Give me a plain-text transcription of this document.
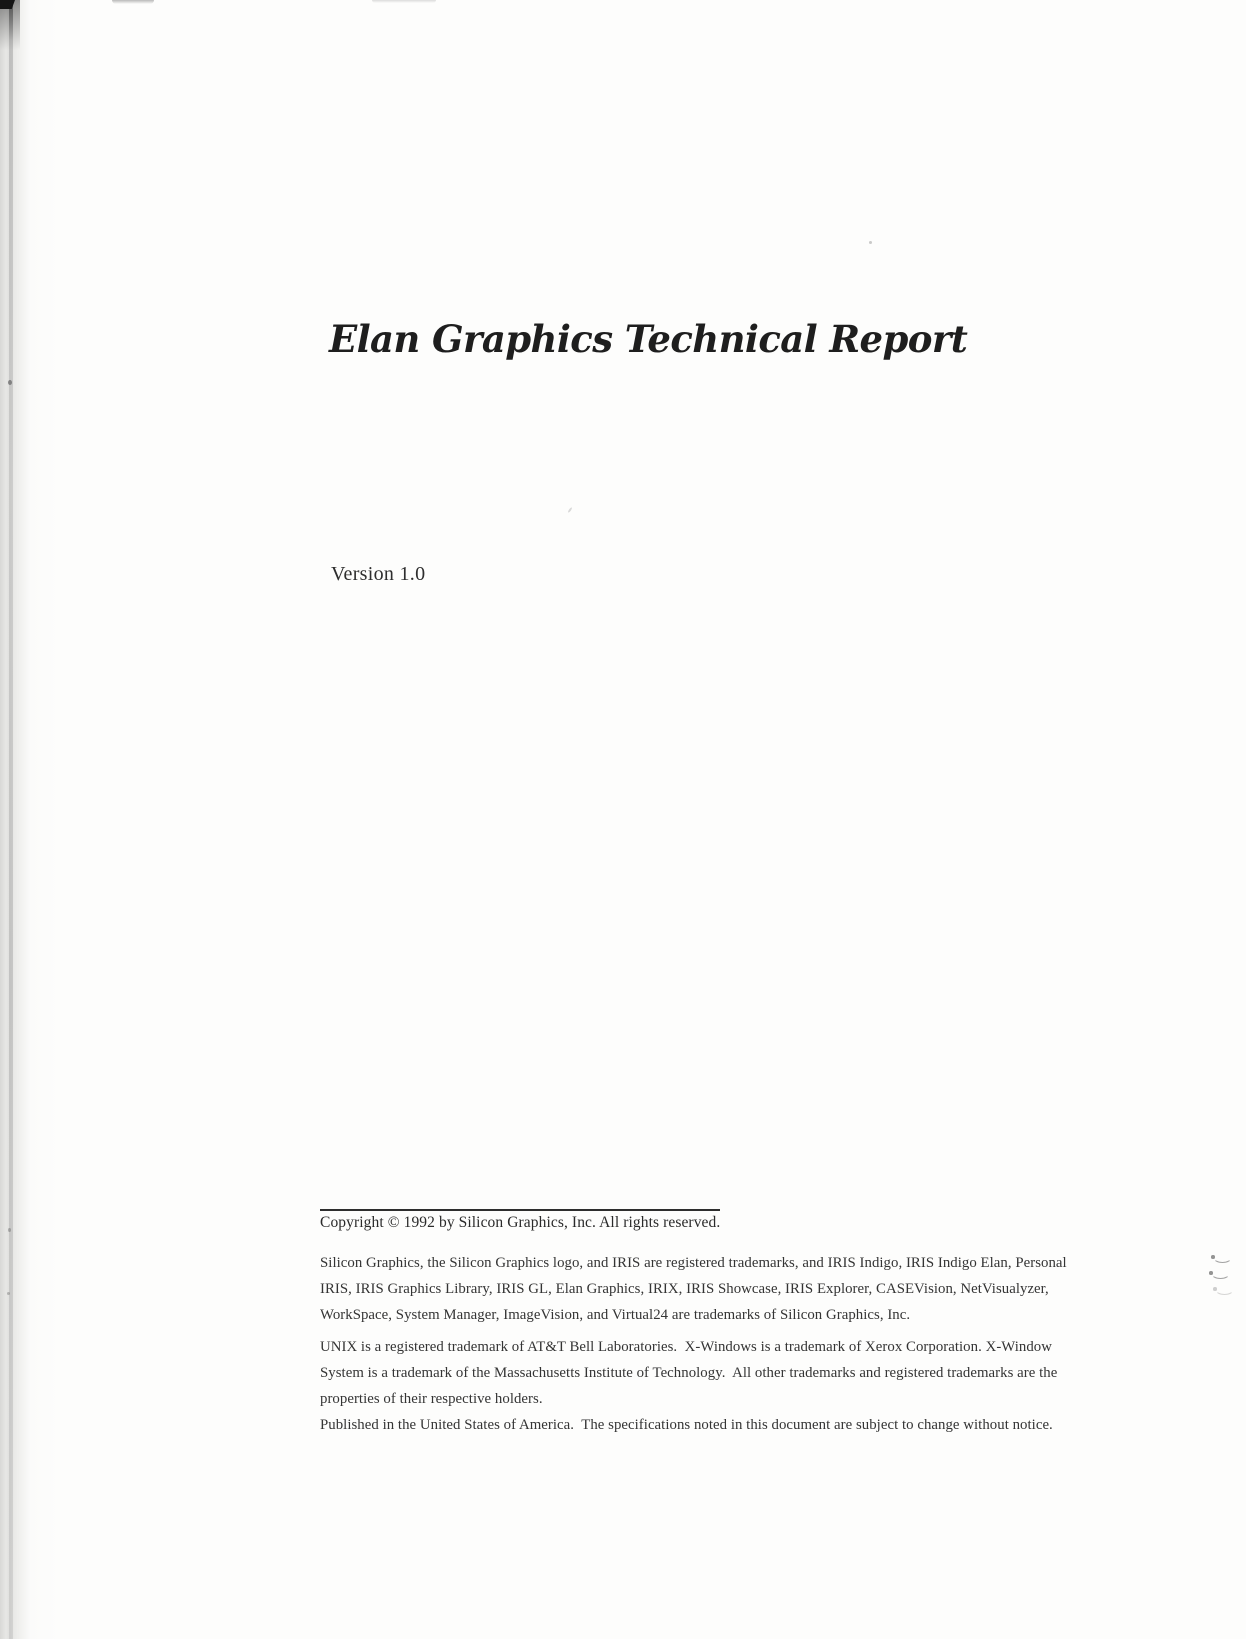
Elan Graphics Technical Report
Version 1.0
Copyright © 1992 by Silicon Graphics, Inc. All rights reserved.
Silicon Graphics, the Silicon Graphics logo, and IRIS are registered trademarks, and IRIS Indigo, IRIS Indigo Elan, Personal
IRIS, IRIS Graphics Library, IRIS GL, Elan Graphics, IRIX, IRIS Showcase, IRIS Explorer, CASEVision, NetVisualyzer,
WorkSpace, System Manager, ImageVision, and Virtual24 are trademarks of Silicon Graphics, Inc.
UNIX is a registered trademark of AT&T Bell Laboratories.  X-Windows is a trademark of Xerox Corporation. X-Window
System is a trademark of the Massachusetts Institute of Technology.  All other trademarks and registered trademarks are the
properties of their respective holders.
Published in the United States of America.  The specifications noted in this document are subject to change without notice.
